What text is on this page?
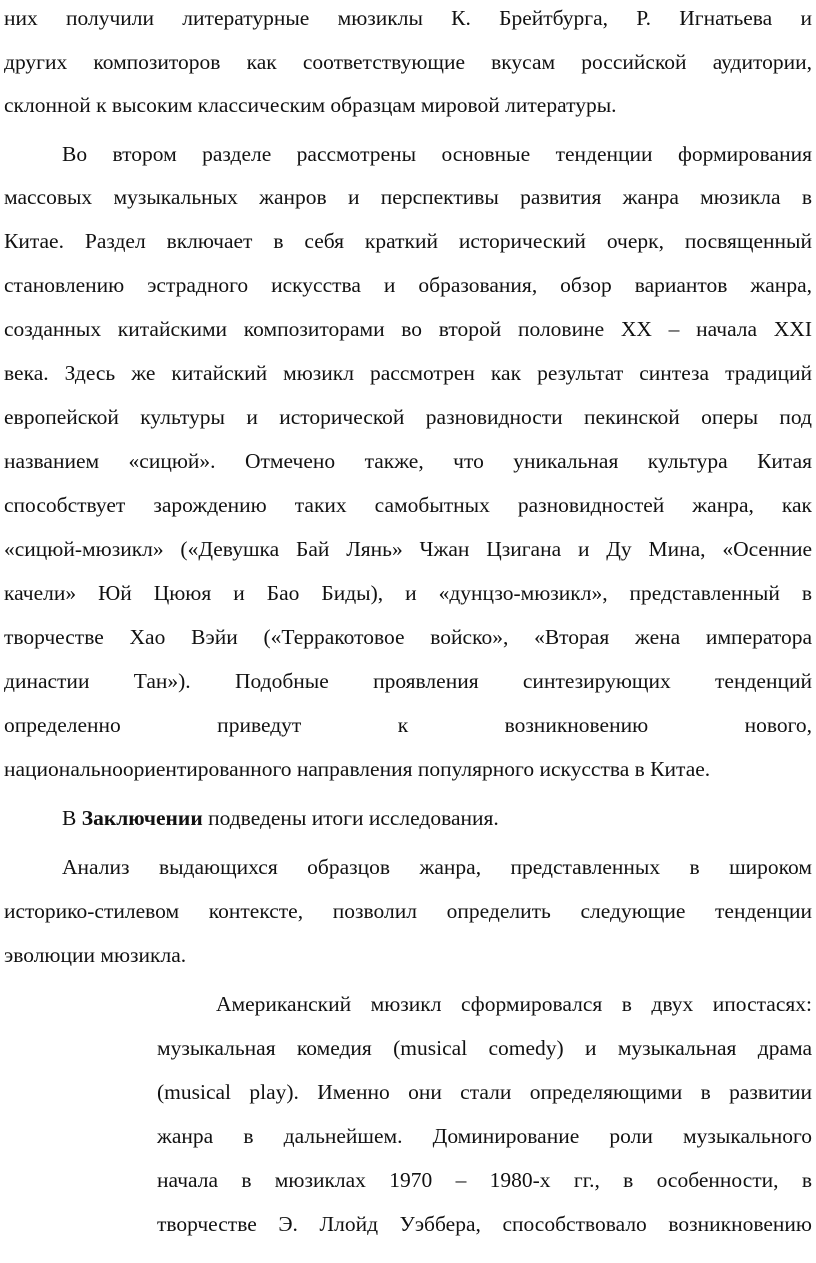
них получили литературные мюзиклы К. Брейтбурга, Р. Игнатьева и
других композиторов как соответствующие вкусам российской аудитории,
склонной к высоким классическим образцам мировой литературы.
Во втором разделе рассмотрены основные тенденции формирования
массовых музыкальных жанров и перспективы развития жанра мюзикла в
Китае. Раздел включает в себя краткий исторический очерк, посвященный
становлению эстрадного искусства и образования, обзор вариантов жанра,
созданных китайскими композиторами во второй половине XX – начала XXI
века. Здесь же китайский мюзикл рассмотрен как результат синтеза традиций
европейской культуры и исторической разновидности пекинской оперы под
названием «сицюй». Отмечено также, что уникальная культура Китая
способствует зарождению таких самобытных разновидностей жанра, как
«сицюй-мюзикл» («Девушка Бай Лянь» Чжан Цзигана и Ду Мина, «Осенние
качели» Юй Цююя и Бао Биды), и «дунцзо-мюзикл», представленный в
творчестве Хао Вэйи («Терракотовое войско», «Вторая жена императора
династии Тан»). Подобные проявления синтезирующих тенденций
определенно приведут к возникновению нового,
национальноориентированного направления популярного искусства в Китае.
В Заключении подведены итоги исследования.
Анализ выдающихся образцов жанра, представленных в широком
историко-стилевом контексте, позволил определить следующие тенденции
эволюции мюзикла.
Американский мюзикл сформировался в двух ипостасях:
музыкальная комедия (musical comedy) и музыкальная драма
(musical play). Именно они стали определяющими в развитии
жанра в дальнейшем. Доминирование роли музыкального
начала в мюзиклах 1970 – 1980-х гг., в особенности, в
творчестве Э. Ллойд Уэббера, способствовало возникновению
